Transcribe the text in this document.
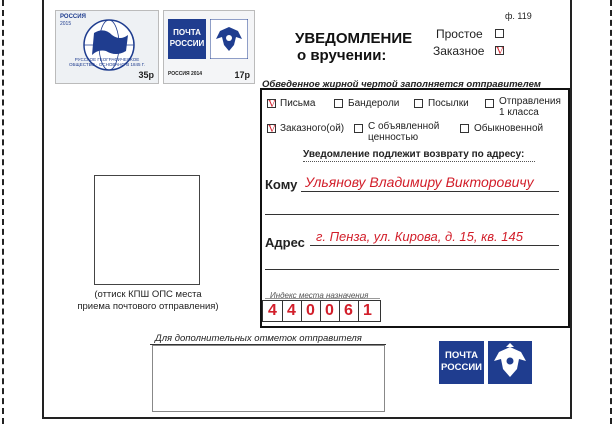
РОССИЯ
2015
РУССКОЕ ГЕОГРАФИЧЕСКОЕ ОБЩЕСТВО · ОСНОВАНО В 1845 Г.
35р
ПОЧТА
РОССИИ
РОССИЯ 2014	17р
ф. 119
УВЕДОМЛЕНИЕ
о вручении:
Простое
Заказное V
Обведенное жирной чертой заполняется отправителем
V Письма	Бандероли	Посылки	Отправления 1 класса
V Заказного(ой) С объявленной ценностью
Обыкновенной
Уведомление подлежит возврату по адресу:
Кому Ульянову Владимиру Викторовичу
Адрес г. Пенза, ул. Кирова, д. 15, кв. 145
Индекс места назначения
4 4 0 0 6 1
(оттиск КПШ ОПС места
приема почтового отправления)
Для дополнительных отметок отправителя
ПОЧТА
РОССИИ
